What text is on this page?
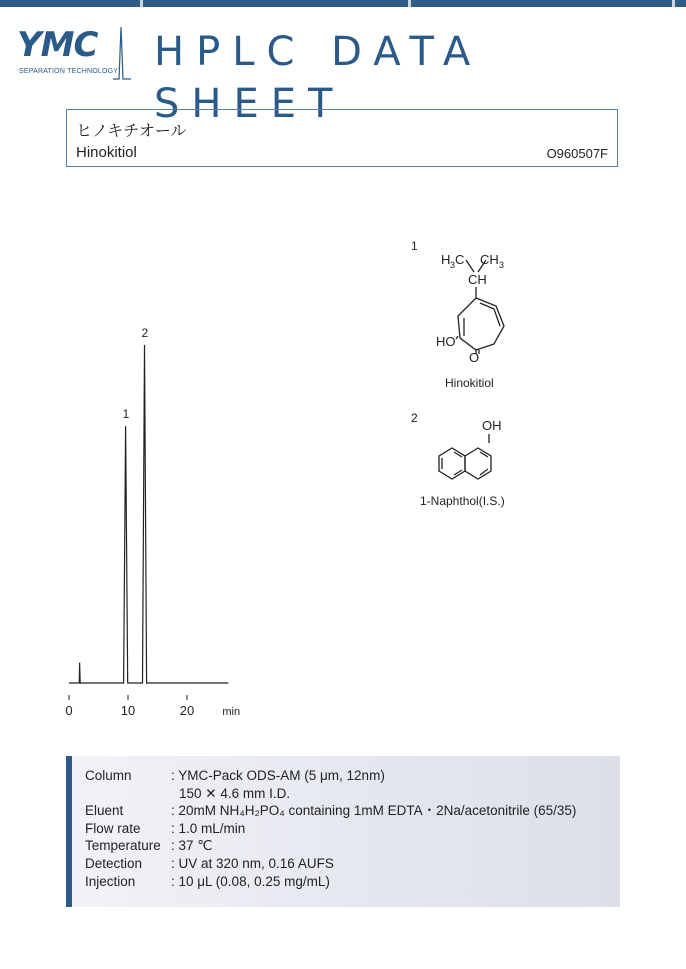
YMC
SEPARATION TECHNOLOGY HPLC DATA SHEET
ヒノキチオール
Hinokitiol	O960507F
1
2
0	10	20	min
1
H 3 C CH 3
CH
HO
O
Hinokitiol
2	OH
1-Naphthol(I.S.)
Column	: YMC-Pack ODS-AM (5 μm, 12nm)
150 ✕ 4.6 mm I.D.
Eluent	: 20mM NH₄H₂PO₄ containing 1mM EDTA・2Na/acetonitrile (65/35)
Flow rate	: 1.0 mL/min
Temperature : 37 ℃
Detection	: UV at 320 nm, 0.16 AUFS
Injection	: 10 μL (0.08, 0.25 mg/mL)
